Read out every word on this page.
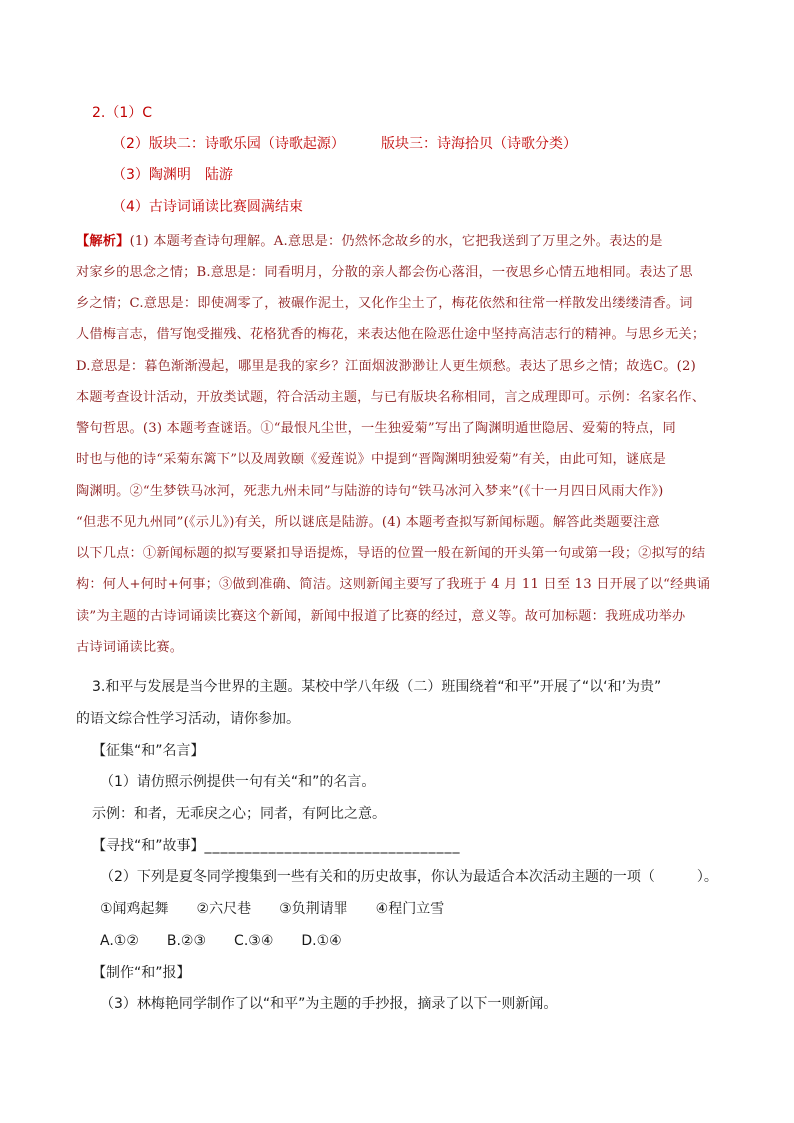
2.（1）C
（2）版块二：诗歌乐园（诗歌起源）	版块三：诗海拾贝（诗歌分类）
（3）陶渊明　陆游
（4）古诗词诵读比赛圆满结束
【解析】(1) 本题考查诗句理解。A.意思是：仍然怀念故乡的水，它把我送到了万里之外。表达的是
对家乡的思念之情；B.意思是：同看明月，分散的亲人都会伤心落泪，一夜思乡心情五地相同。表达了思
乡之情；C.意思是：即使凋零了，被碾作泥土，又化作尘土了，梅花依然和往常一样散发出缕缕清香。词
人借梅言志，借写饱受摧残、花格犹香的梅花，来表达他在险恶仕途中坚持高洁志行的精神。与思乡无关；
D.意思是：暮色渐渐漫起，哪里是我的家乡？江面烟波渺渺让人更生烦愁。表达了思乡之情；故选C。(2)
本题考查设计活动，开放类试题，符合活动主题，与已有版块名称相同，言之成理即可。示例：名家名作、
警句哲思。(3) 本题考查谜语。①“最恨凡尘世，一生独爱菊”写出了陶渊明遁世隐居、爱菊的特点，同
时也与他的诗“采菊东篱下”以及周敦颐《爱莲说》中提到“晋陶渊明独爱菊”有关，由此可知，谜底是
陶渊明。②“生梦铁马冰河，死悲九州未同”与陆游的诗句“铁马冰河入梦来”(《十一月四日风雨大作》)
“但悲不见九州同”(《示儿》)有关，所以谜底是陆游。(4) 本题考查拟写新闻标题。解答此类题要注意
以下几点：①新闻标题的拟写要紧扣导语提炼，导语的位置一般在新闻的开头第一句或第一段；②拟写的结
构：何人+何时+何事；③做到准确、简洁。这则新闻主要写了我班于 4 月 11 日至 13 日开展了以“经典诵
读”为主题的古诗词诵读比赛这个新闻，新闻中报道了比赛的经过，意义等。故可加标题：我班成功举办
古诗词诵读比赛。
3.和平与发展是当今世界的主题。某校中学八年级（二）班围绕着“和平”开展了“以‘和’为贵”
的语文综合性学习活动，请你参加。
【征集“和”名言】
（1）请仿照示例提供一句有关“和”的名言。
示例：和者，无乖戾之心；同者，有阿比之意。
【寻找“和”故事】________________________________
（2）下列是夏冬同学搜集到一些有关和的历史故事，你认为最适合本次活动主题的一项（　　　）。
①闻鸡起舞　　②六尺巷　　③负荆请罪　　④程门立雪
A.①②　　B.②③　　C.③④　　D.①④
【制作“和”报】
（3）林梅艳同学制作了以“和平”为主题的手抄报，摘录了以下一则新闻。
